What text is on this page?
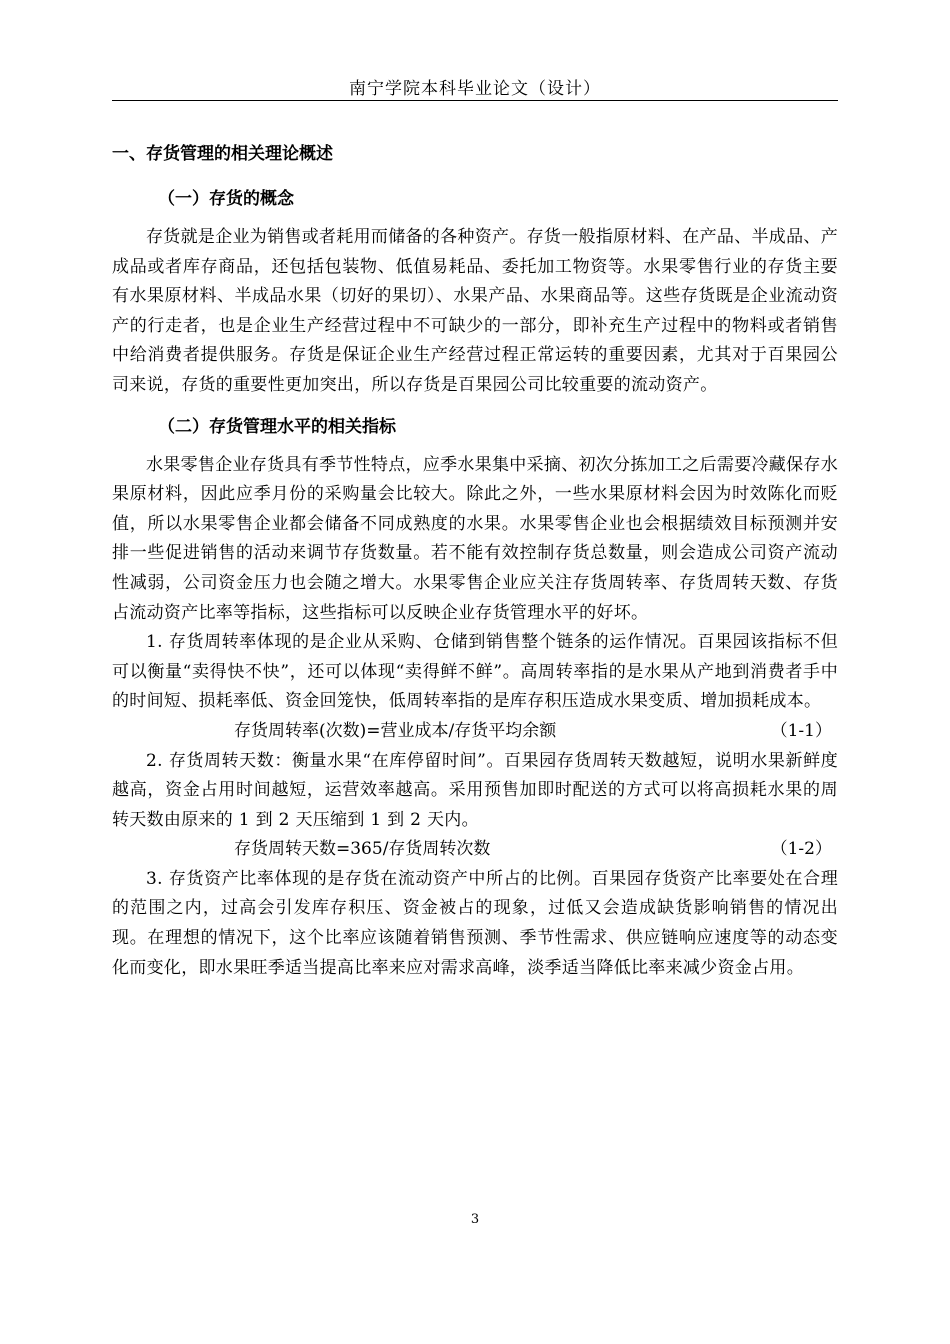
南宁学院本科毕业论文（设计）
一、存货管理的相关理论概述
（一）存货的概念

存货就是企业为销售或者耗用而储备的各种资产。存货一般指原材料、在产品、半成品、产成品或者库存商品，还包括包装物、低值易耗品、委托加工物资等。水果零售行业的存货主要有水果原材料、半成品水果（切好的果切）、水果产品、水果商品等。这些存货既是企业流动资产的行走者，也是企业生产经营过程中不可缺少的一部分，即补充生产过程中的物料或者销售中给消费者提供服务。存货是保证企业生产经营过程正常运转的重要因素，尤其对于百果园公司来说，存货的重要性更加突出，所以存货是百果园公司比较重要的流动资产。

（二）存货管理水平的相关指标

水果零售企业存货具有季节性特点，应季水果集中采摘、初次分拣加工之后需要冷藏保存水果原材料，因此应季月份的采购量会比较大。除此之外，一些水果原材料会因为时效陈化而贬值，所以水果零售企业都会储备不同成熟度的水果。水果零售企业也会根据绩效目标预测并安排一些促进销售的活动来调节存货数量。若不能有效控制存货总数量，则会造成公司资产流动性减弱，公司资金压力也会随之增大。水果零售企业应关注存货周转率、存货周转天数、存货占流动资产比率等指标，这些指标可以反映企业存货管理水平的好坏。

1. 存货周转率体现的是企业从采购、仓储到销售整个链条的运作情况。百果园该指标不但可以衡量“卖得快不快”，还可以体现“卖得鲜不鲜”。高周转率指的是水果从产地到消费者手中的时间短、损耗率低、资金回笼快，低周转率指的是库存积压造成水果变质、增加损耗成本。

存货周转率(次数)=营业成本/存货平均余额	（1-1）

2. 存货周转天数：衡量水果“在库停留时间”。百果园存货周转天数越短，说明水果新鲜度越高，资金占用时间越短，运营效率越高。采用预售加即时配送的方式可以将高损耗水果的周转天数由原来的 1 到 2 天压缩到 1 到 2 天内。

存货周转天数=365/存货周转次数	（1-2）

3. 存货资产比率体现的是存货在流动资产中所占的比例。百果园存货资产比率要处在合理的范围之内，过高会引发库存积压、资金被占的现象，过低又会造成缺货影响销售的情况出现。在理想的情况下，这个比率应该随着销售预测、季节性需求、供应链响应速度等的动态变化而变化，即水果旺季适当提高比率来应对需求高峰，淡季适当降低比率来减少资金占用。

3
